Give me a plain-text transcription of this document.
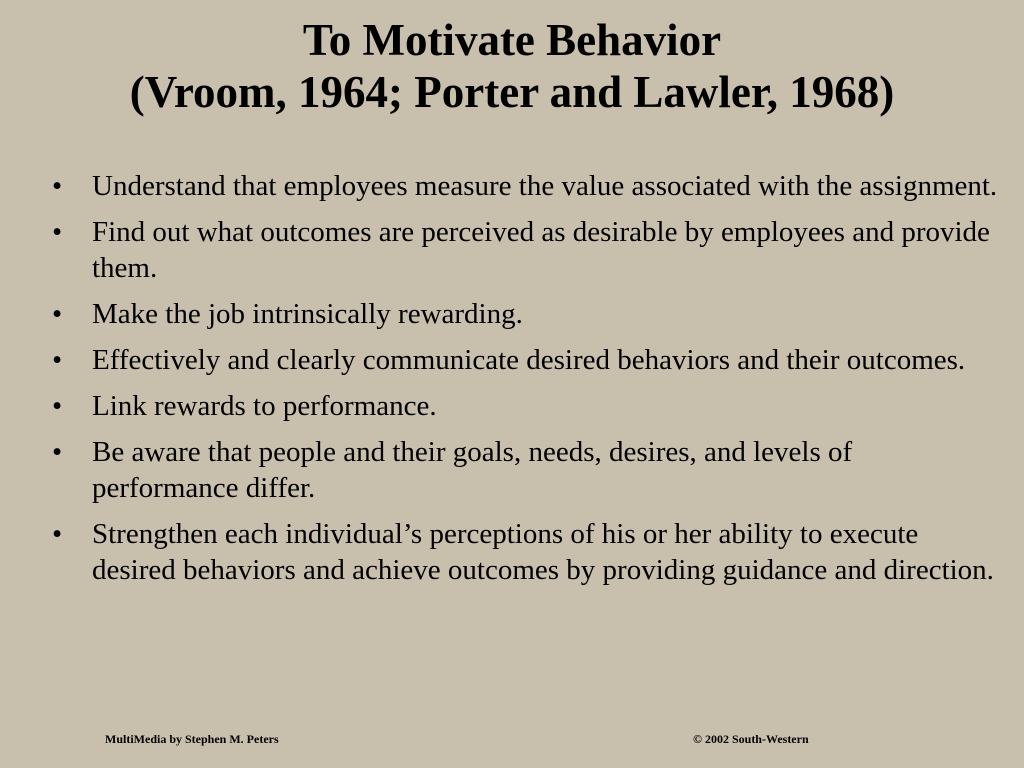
To Motivate Behavior
(Vroom, 1964; Porter and Lawler, 1968)
•	Understand that employees measure the value associated with the assignment.
•	Find out what outcomes are perceived as desirable by employees and provide them.
•	Make the job intrinsically rewarding.
•	Effectively and clearly communicate desired behaviors and their outcomes.
•	Link rewards to performance.
•	Be aware that people and their goals, needs, desires, and levels of performance differ.
•	Strengthen each individual’s perceptions of his or her ability to execute desired behaviors and achieve outcomes by providing guidance and direction.
MultiMedia by Stephen M. Peters	© 2002 South-Western
